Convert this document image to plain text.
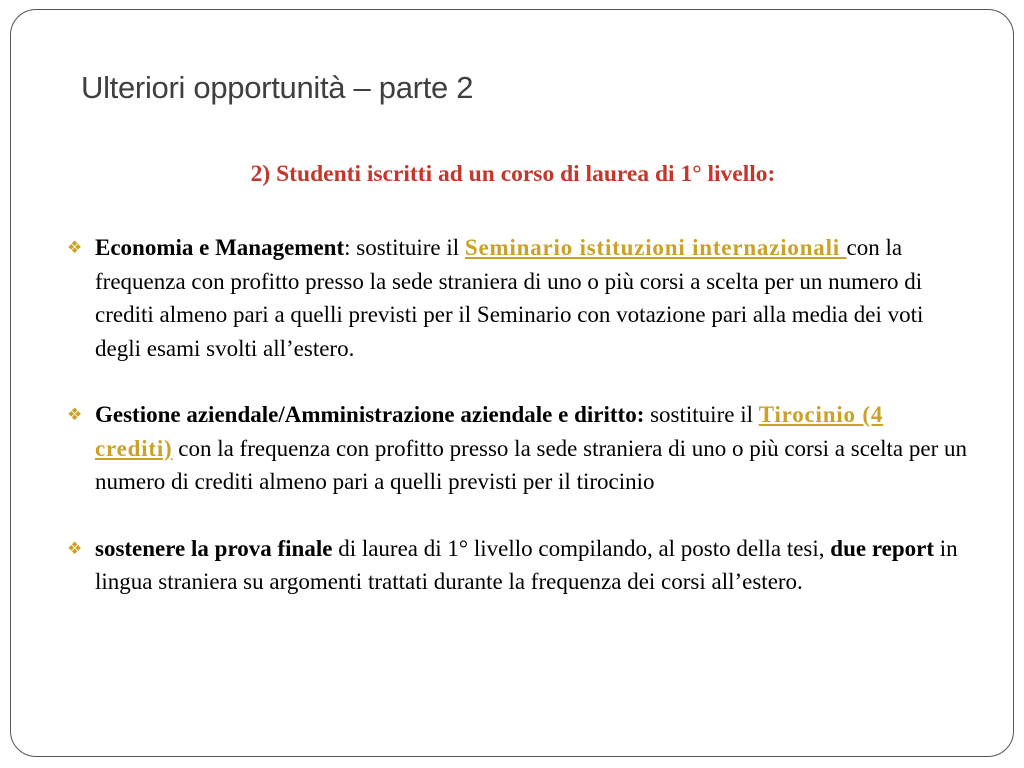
Ulteriori opportunità – parte 2
2) Studenti iscritti ad un corso di laurea di 1° livello:
❖ Economia e Management: sostituire il Seminario istituzioni internazionali con la frequenza con profitto presso la sede straniera di uno o più corsi a scelta per un numero di crediti almeno pari a quelli previsti per il Seminario con votazione pari alla media dei voti degli esami svolti all’estero.
❖ Gestione aziendale/Amministrazione aziendale e diritto: sostituire il Tirocinio (4 crediti) con la frequenza con profitto presso la sede straniera di uno o più corsi a scelta per un numero di crediti almeno pari a quelli previsti per il tirocinio
❖ sostenere la prova finale di laurea di 1° livello compilando, al posto della tesi, due report in lingua straniera su argomenti trattati durante la frequenza dei corsi all’estero.
